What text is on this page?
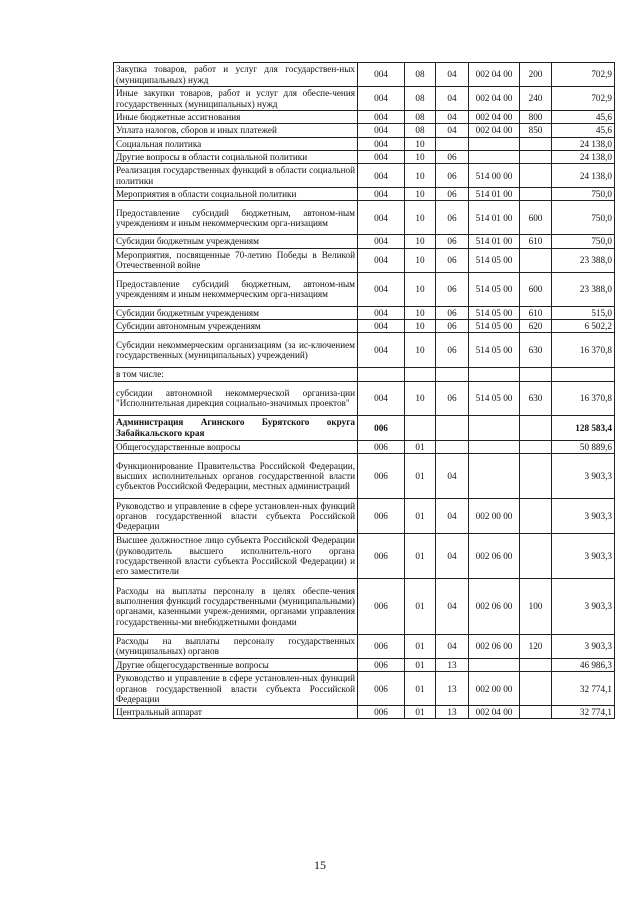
Закупка товаров, работ и услуг для государствен-ных (муниципальных) нужд	004	08	04	002 04 00	200	702,9
Иные закупки товаров, работ и услуг для обеспе-чения государственных (муниципальных) нужд	004	08	04	002 04 00	240	702,9
Иные бюджетные ассигнования	004	08	04	002 04 00	800	45,6
Уплата налогов, сборов и иных платежей	004	08	04	002 04 00	850	45,6
Социальная политика	004	10				24 138,0
Другие вопросы в области социальной политики	004	10	06			24 138,0
Реализация государственных функций в области социальной политики	004	10	06	514 00 00		24 138,0
Мероприятия в области социальной политики	004	10	06	514 01 00		750,0
Предоставление субсидий бюджетным, автоном-ным учреждениям и иным некоммерческим орга-низациям	004	10	06	514 01 00	600	750,0
Субсидии бюджетным учреждениям	004	10	06	514 01 00	610	750,0
Мероприятия, посвященные 70-летию Победы в Великой Отечественной войне	004	10	06	514 05 00		23 388,0
Предоставление субсидий бюджетным, автоном-ным учреждениям и иным некоммерческим орга-низациям	004	10	06	514 05 00	600	23 388,0
Субсидии бюджетным учреждениям	004	10	06	514 05 00	610	515,0
Субсидии автономным учреждениям	004	10	06	514 05 00	620	6 502,2
Субсидии некоммерческим организациям (за ис-ключением государственных (муниципальных) учреждений)	004	10	06	514 05 00	630	16 370,8
в том числе:						
субсидии автономной некоммерческой организа-ции "Исполнительная дирекция социально-значимых проектов"	004	10	06	514 05 00	630	16 370,8
Администрация Агинского Бурятского округа Забайкальского края	006					128 583,4
Общегосударственные вопросы	006	01				50 889,6
Функционирование Правительства Российской Федерации, высших исполнительных органов государственной власти субъектов Российской Федерации, местных администраций	006	01	04			3 903,3
Руководство и управление в сфере установлен-ных функций органов государственной власти субъекта Российской Федерации	006	01	04	002 00 00		3 903,3
Высшее должностное лицо субъекта Российской Федерации (руководитель высшего исполнитель-ного органа государственной власти субъекта Российской Федерации) и его заместители	006	01	04	002 06 00		3 903,3
Расходы на выплаты персоналу в целях обеспе-чения выполнения функций государственными (муниципальными) органами, казенными учреж-дениями, органами управления государственны-ми внебюджетными фондами	006	01	04	002 06 00	100	3 903,3
Расходы на выплаты персоналу государственных (муниципальных) органов	006	01	04	002 06 00	120	3 903,3
Другие общегосударственные вопросы	006	01	13			46 986,3
Руководство и управление в сфере установлен-ных функций органов государственной власти субъекта Российской Федерации	006	01	13	002 00 00		32 774,1
Центральный аппарат	006	01	13	002 04 00		32 774,1
15
